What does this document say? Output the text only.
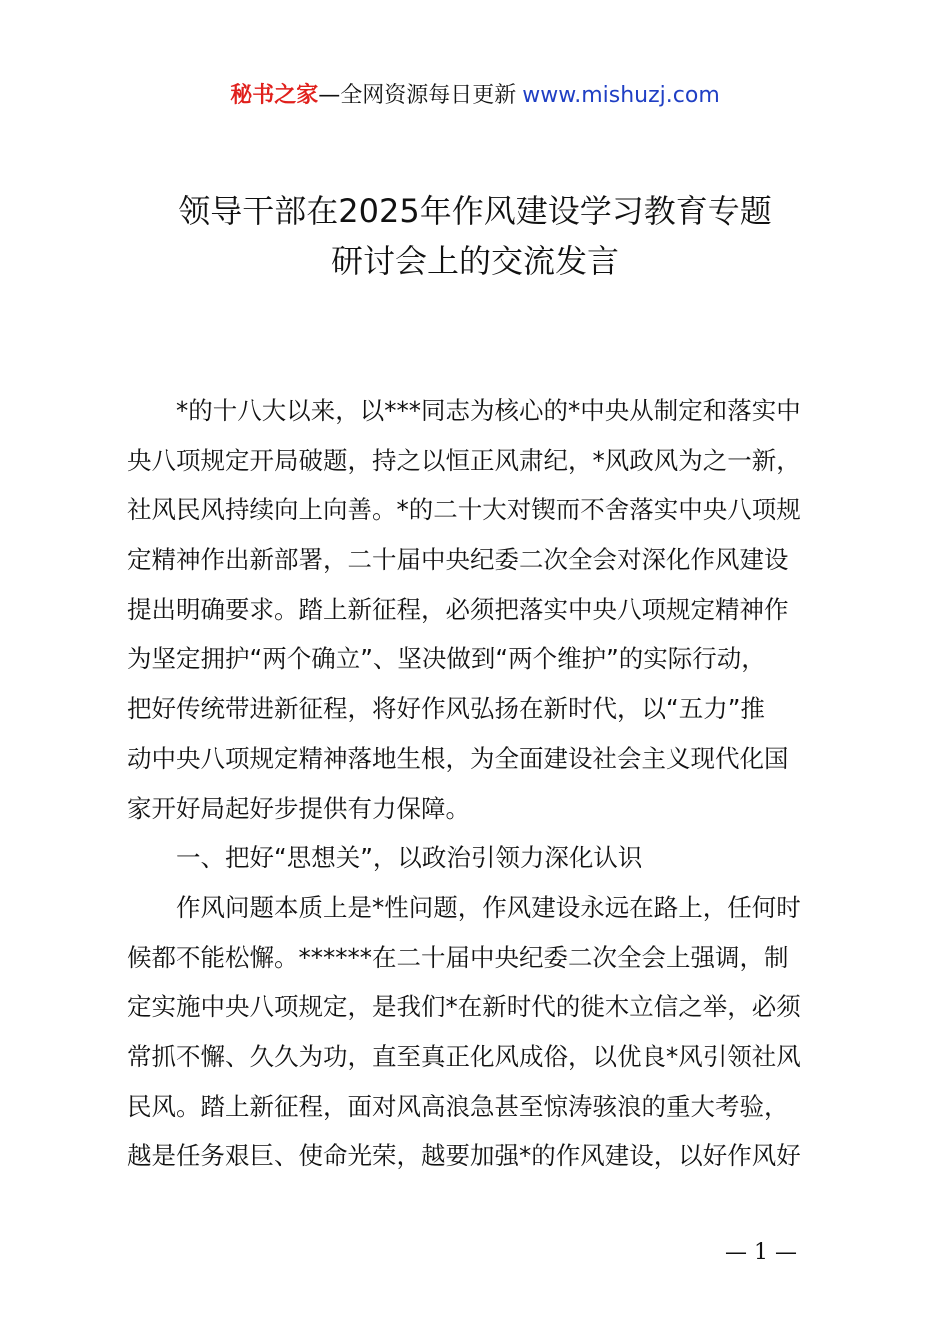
秘书之家—全网资源每日更新 www.mishuzj.com
领导干部在2025年作风建设学习教育专题
研讨会上的交流发言
*的十八大以来，以***同志为核心的*中央从制定和落实中
央八项规定开局破题，持之以恒正风肃纪，*风政风为之一新，
社风民风持续向上向善。*的二十大对锲而不舍落实中央八项规
定精神作出新部署，二十届中央纪委二次全会对深化作风建设
提出明确要求。踏上新征程，必须把落实中央八项规定精神作
为坚定拥护“两个确立”、坚决做到“两个维护”的实际行动，
把好传统带进新征程，将好作风弘扬在新时代，以“五力”推
动中央八项规定精神落地生根，为全面建设社会主义现代化国
家开好局起好步提供有力保障。
一、把好“思想关”，以政治引领力深化认识
作风问题本质上是*性问题，作风建设永远在路上，任何时
候都不能松懈。******在二十届中央纪委二次全会上强调，制
定实施中央八项规定，是我们*在新时代的徙木立信之举，必须
常抓不懈、久久为功，直至真正化风成俗，以优良*风引领社风
民风。踏上新征程，面对风高浪急甚至惊涛骇浪的重大考验，
越是任务艰巨、使命光荣，越要加强*的作风建设，以好作风好
— 1 —
